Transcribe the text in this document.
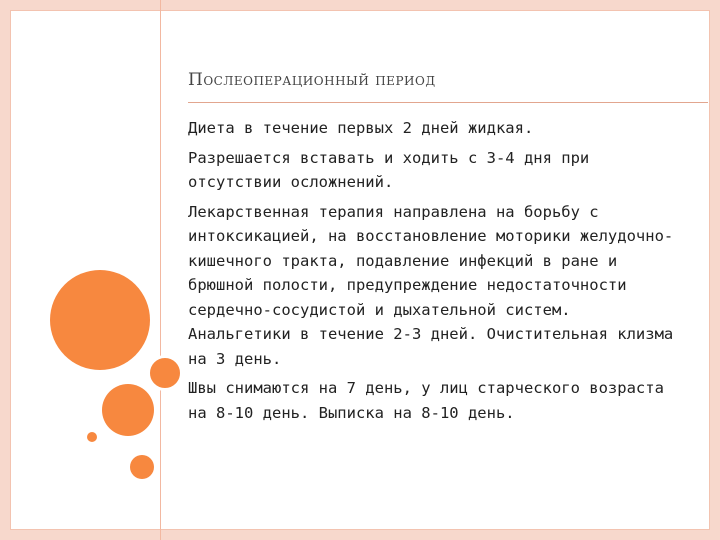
Послеоперационный период

Диета в течение первых 2 дней жидкая.

Разрешается вставать и ходить с 3-4 дня при отсутствии осложнений.

Лекарственная терапия направлена на борьбу с интоксикацией, на восстановление моторики желудочно-кишечного тракта, подавление инфекций в ране и брюшной полости, предупреждение недостаточности сердечно-сосудистой и дыхательной систем. Анальгетики в течение 2-3 дней. Очистительная клизма на 3 день.

Швы снимаются на 7 день, у лиц старческого возраста на 8-10 день. Выписка на 8-10 день.
